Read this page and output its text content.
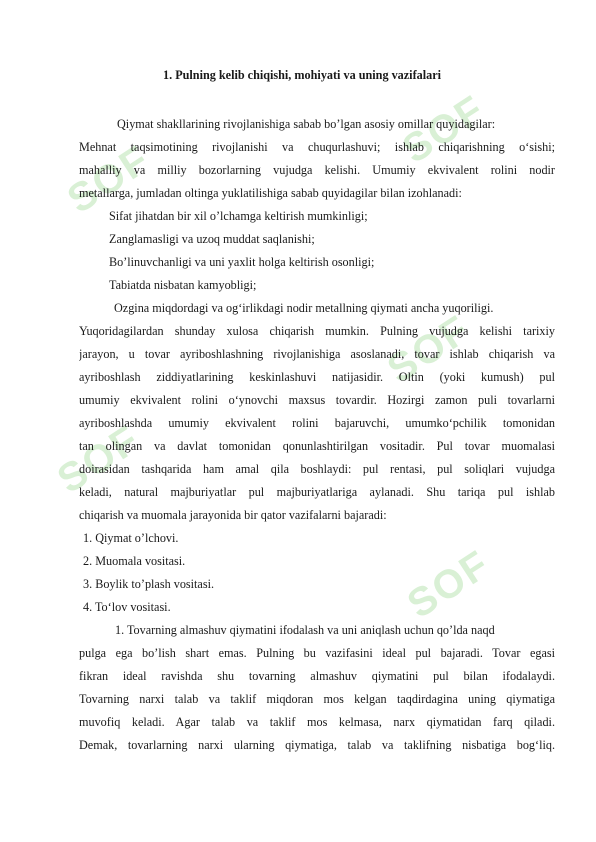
SOF
SOF
SOF
SOF
SOF
1. Pulning kelib chiqishi, mohiyati va uning vazifalari
Qiymat shakllarining rivojlanishiga sabab bo’lgan asosiy omillar quyidagilar:
Mehnat taqsimotining rivojlanishi va chuqurlashuvi; ishlab chiqarishning o‘sishi;
mahalliy va milliy bozorlarning vujudga kelishi. Umumiy ekvivalent rolini nodir
metallarga, jumladan oltinga yuklatilishiga sabab quyidagilar bilan izohlanadi:
Sifat jihatdan bir xil o’lchamga keltirish mumkinligi;
Zanglamasligi va uzoq muddat saqlanishi;
Bo’linuvchanligi va uni yaxlit holga keltirish osonligi;
Tabiatda nisbatan kamyobligi;
Ozgina miqdordagi va og‘irlikdagi nodir metallning qiymati ancha yuqoriligi.
Yuqoridagilardan shunday xulosa chiqarish mumkin. Pulning vujudga kelishi tarixiy
jarayon, u tovar ayriboshlashning rivojlanishiga asoslanadi, tovar ishlab chiqarish va
ayriboshlash ziddiyatlarining keskinlashuvi natijasidir. Oltin (yoki kumush) pul
umumiy ekvivalent rolini o‘ynovchi maxsus tovardir. Hozirgi zamon puli tovarlarni
ayriboshlashda umumiy ekvivalent rolini bajaruvchi, umumko‘pchilik tomonidan
tan olingan va davlat tomonidan qonunlashtirilgan vositadir. Pul tovar muomalasi
doirasidan tashqarida ham amal qila boshlaydi: pul rentasi, pul soliqlari vujudga
keladi, natural majburiyatlar pul majburiyatlariga aylanadi. Shu tariqa pul ishlab
chiqarish va muomala jarayonida bir qator vazifalarni bajaradi:
1. Qiymat o’lchovi.
2. Muomala vositasi.
3. Boylik to’plash vositasi.
4. To‘lov vositasi.
1. Tovarning almashuv qiymatini ifodalash va uni aniqlash uchun qo’lda naqd
pulga ega bo’lish shart emas. Pulning bu vazifasini ideal pul bajaradi. Tovar egasi
fikran ideal ravishda shu tovarning almashuv qiymatini pul bilan ifodalaydi.
Tovarning narxi talab va taklif miqdoran mos kelgan taqdirdagina uning qiymatiga
muvofiq keladi. Agar talab va taklif mos kelmasa, narx qiymatidan farq qiladi.
Demak, tovarlarning narxi ularning qiymatiga, talab va taklifning nisbatiga bog‘liq.
